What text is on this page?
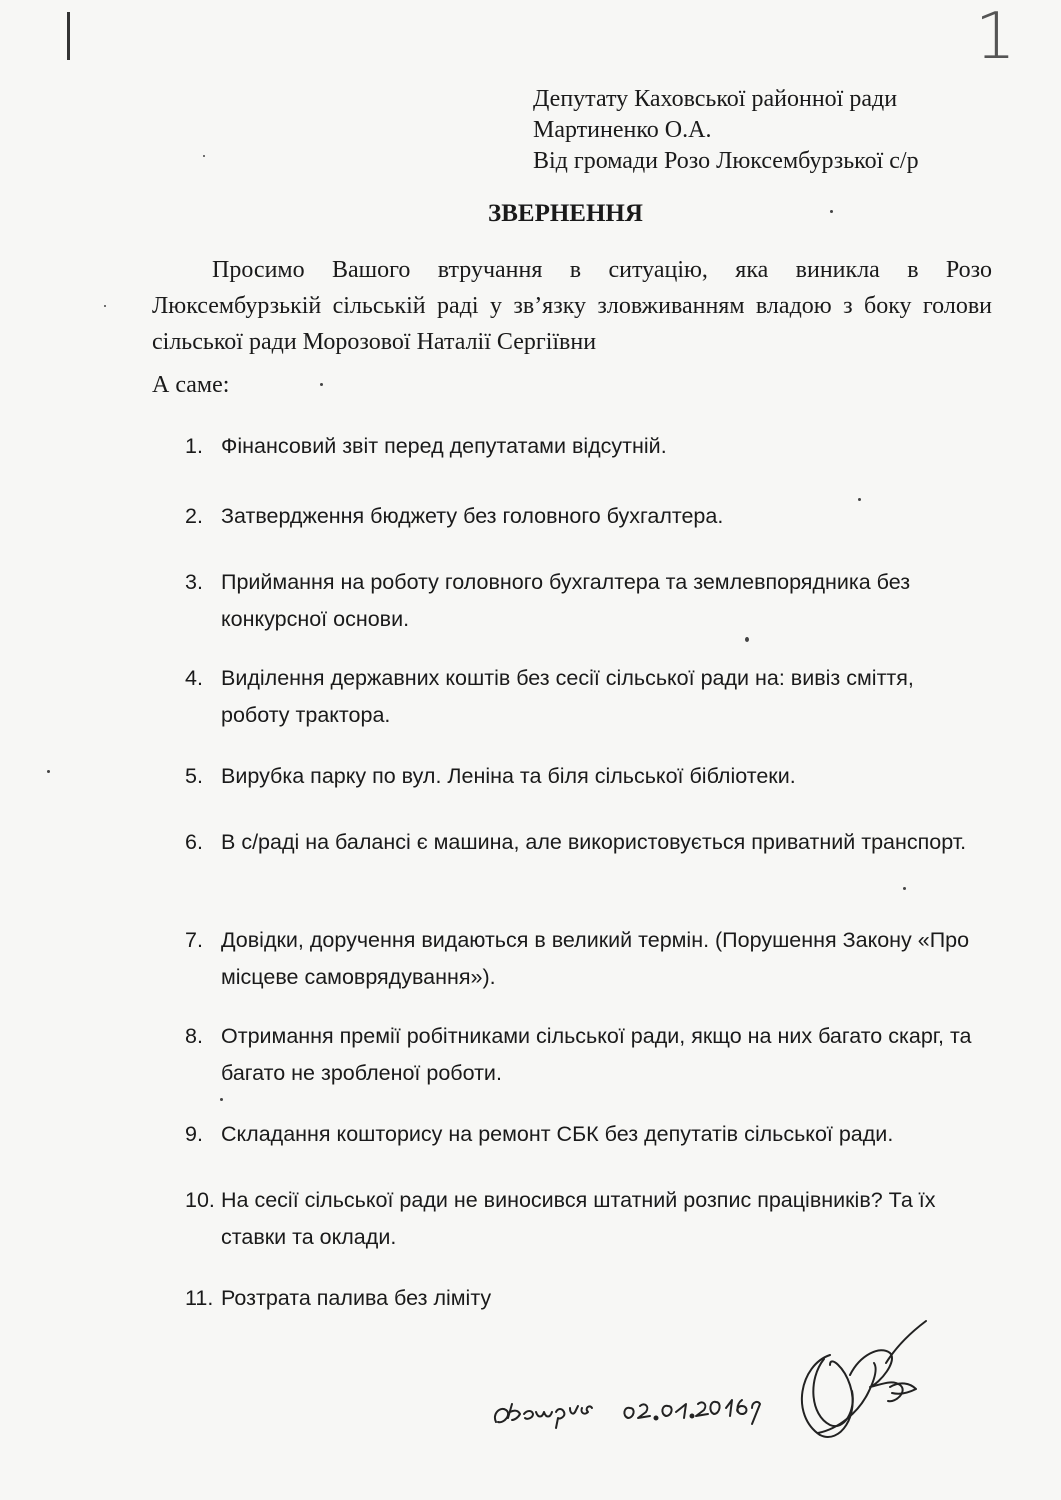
1
Депутату Каховської районної ради
Мартиненко О.А.
Від громади Розо Люксембурзької с/р
ЗВЕРНЕННЯ
Просимо Вашого втручання в ситуацію, яка виникла в Розо Люксембурзькій сільській раді у зв’язку зловживанням владою з боку голови сільської ради Морозової Наталії Сергіївни
А саме:
1. Фінансовий звіт перед депутатами відсутній.
2. Затвердження бюджету без головного бухгалтера.
3. Приймання на роботу головного бухгалтера та землевпорядника без конкурсної основи.
4. Виділення державних коштів без сесії сільської ради на: вивіз сміття, роботу трактора.
5. Вирубка парку по вул. Леніна та біля сільської бібліотеки.
6. В с/раді на балансі є машина, але використовується приватний транспорт.
7. Довідки, доручення видаються в великий термін. (Порушення Закону «Про місцеве самоврядування»).
8. Отримання премії робітниками сільської ради, якщо на них багато скарг, та багато не зробленої роботи.
9. Складання кошторису на ремонт СБК без депутатів сільської ради.
10. На сесії сільської ради не виносився штатний розпис працівників? Та їх ставки та оклади.
11. Розтрата палива без ліміту
